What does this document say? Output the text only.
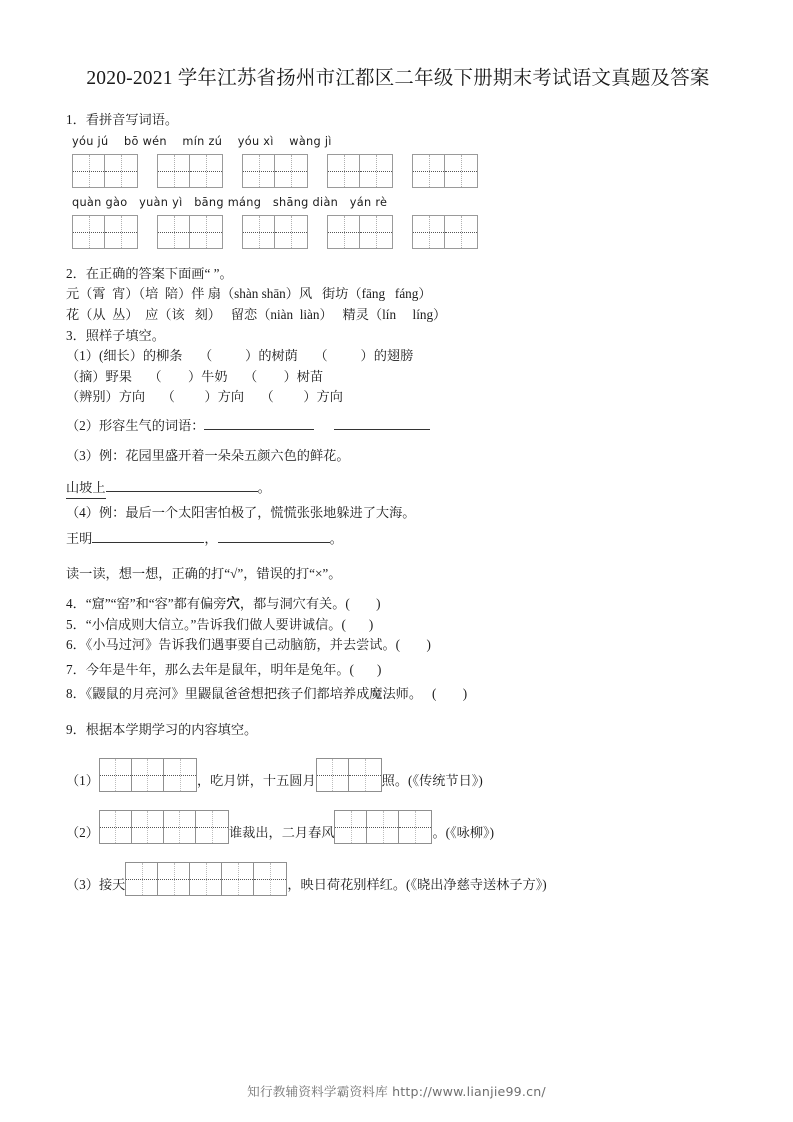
2020-2021 学年江苏省扬州市江都区二年级下册期末考试语文真题及答案
1．看拼音写词语。
yóu jú    bō wén    mín zú    yóu xì    wàng jì
quàn gào   yuàn yì   bāng máng   shāng diàn   yán rè
2．在正确的答案下面画“ ”。
元（霄  宵）（培  陪）伴 扇（shàn shān）风   街坊（fāng   fáng）
花（从  丛）  应（该   刻）   留恋（niàn  liàn）   精灵（lín     líng）
3．照样子填空。
（1）(细长）的柳条     （          ）的树荫     （          ）的翅膀
（摘）野果     （        ）牛奶     （        ）树苗
（辨别）方向     （         ）方向     （         ）方向
（2）形容生气的词语：
（3）例：花园里盛开着一朵朵五颜六色的鲜花。
山坡上	。
（4）例：最后一个太阳害怕极了，慌慌张张地躲进了大海。
王明	，	。
读一读，想一想，正确的打“√”，错误的打“×”。
4．“窟”“窑”和“容”都有偏旁穴，都与洞穴有关。(        )
5．“小信成则大信立。”告诉我们做人要讲诚信。(       )
6．《小马过河》告诉我们遇事要自己动脑筋，并去尝试。(        )
7．今年是牛年，那么去年是鼠年，明年是兔年。(       )
8．《鼹鼠的月亮河》里鼹鼠爸爸想把孩子们都培养成魔法师。   (        )
9．根据本学期学习的内容填空。
（1）	，吃月饼，十五圆月	照。(《传统节日》)
（2）	谁裁出，二月春风	。(《咏柳》)
（3） 接天	，映日荷花别样红。(《晓出净慈寺送林子方》)
知行教辅资料学霸资料库 http://www.lianjie99.cn/
